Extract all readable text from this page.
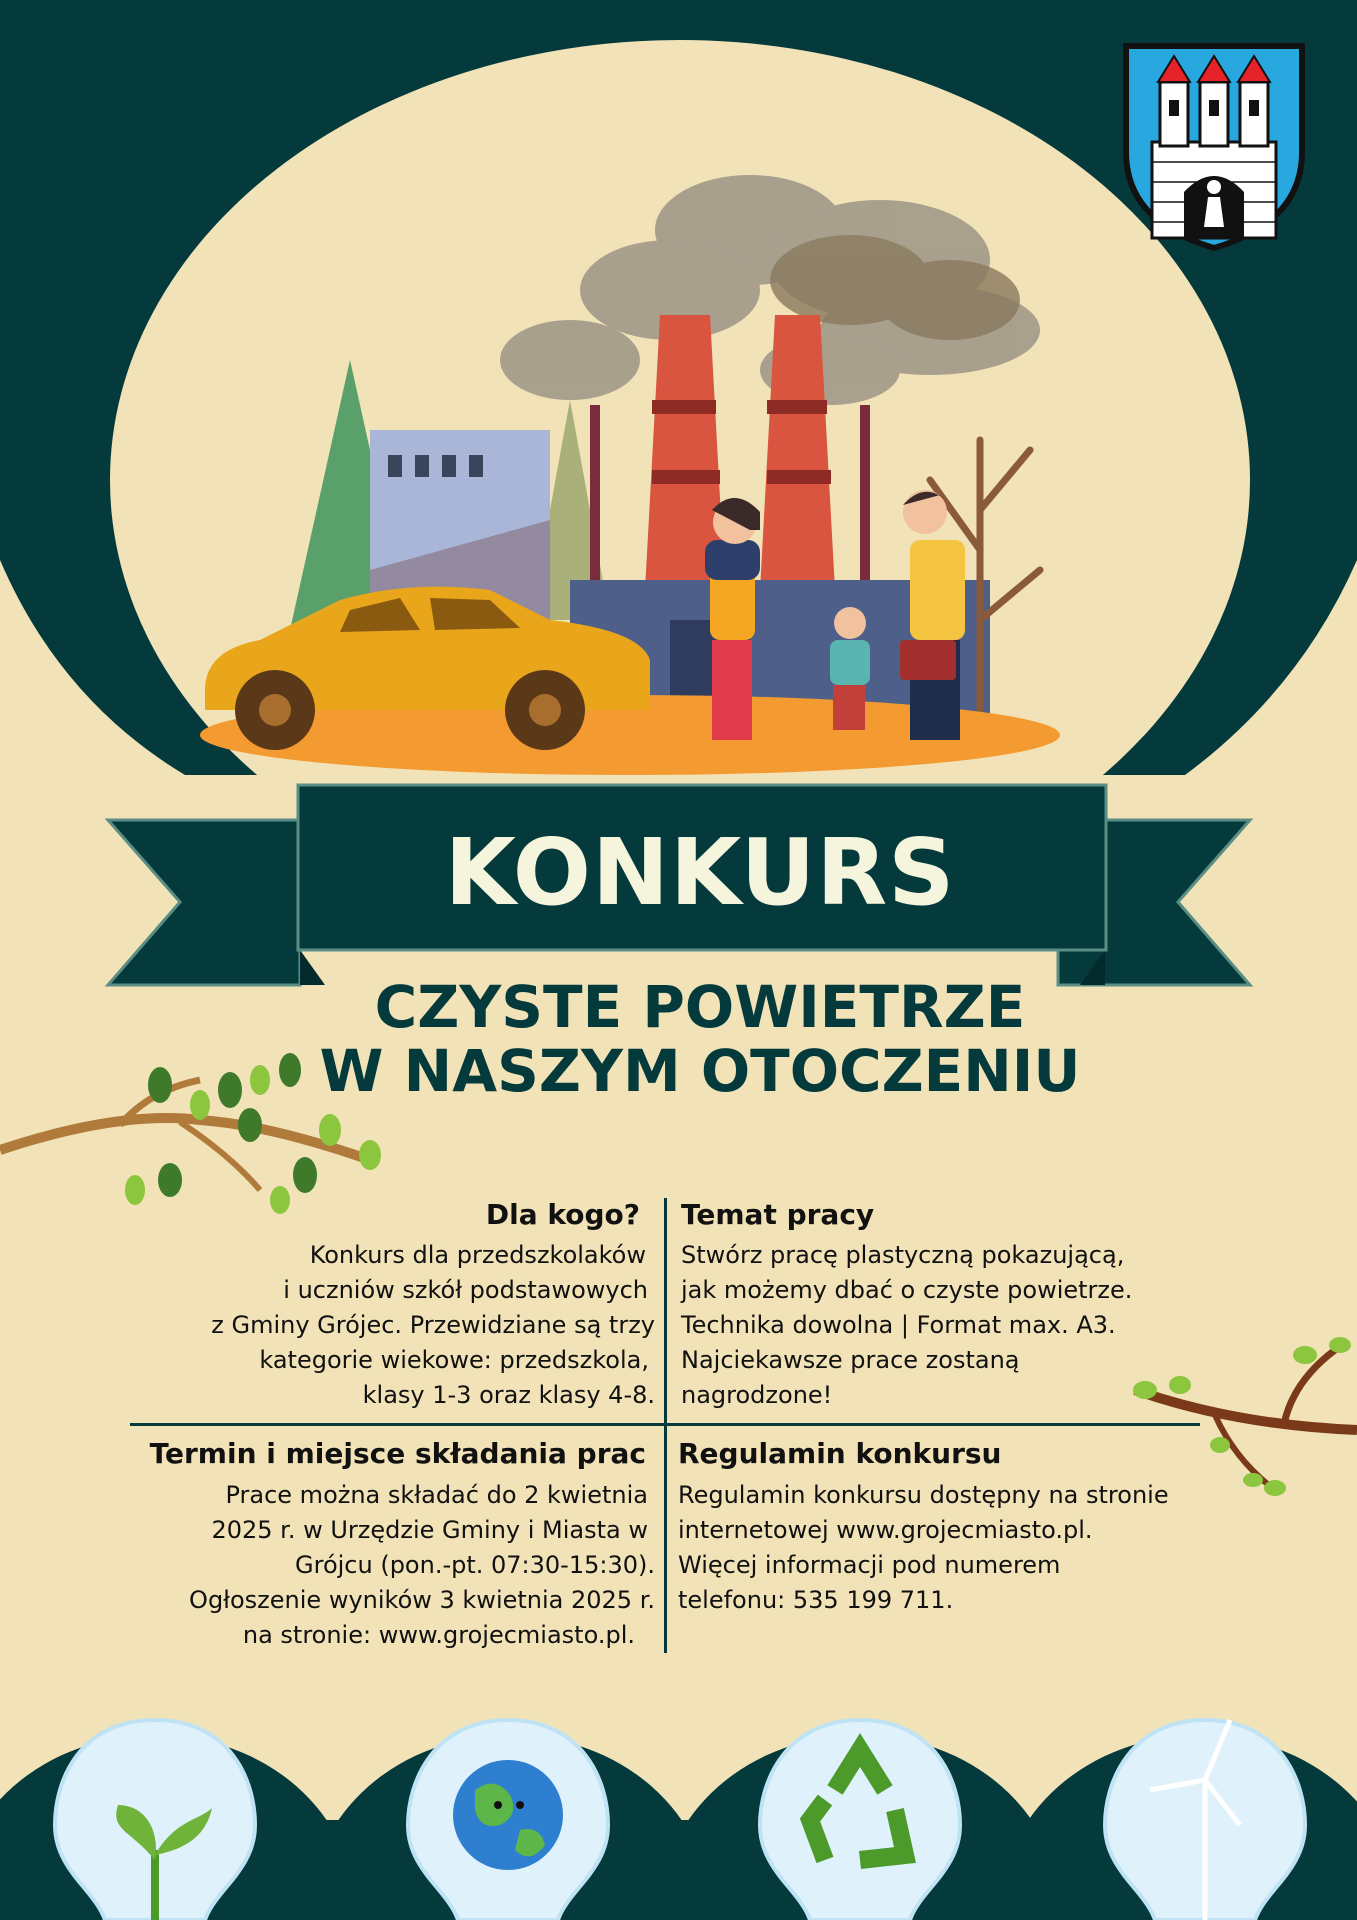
KONKURS
CZYSTE POWIETRZE
W NASZYM OTOCZENIU
Dla kogo?
Konkurs dla przedszkolaków
i uczniów szkół podstawowych
z Gminy Grójec. Przewidziane są trzy
kategorie wiekowe: przedszkola,
klasy 1-3 oraz klasy 4-8.
Temat pracy
Stwórz pracę plastyczną pokazującą,
jak możemy dbać o czyste powietrze.
Technika dowolna | Format max. A3.
Najciekawsze prace zostaną
nagrodzone!
Termin i miejsce składania prac
Prace można składać do 2 kwietnia
2025 r. w Urzędzie Gminy i Miasta w
Grójcu (pon.-pt. 07:30-15:30).
Ogłoszenie wyników 3 kwietnia 2025 r.
na stronie: www.grojecmiasto.pl.
Regulamin konkursu
Regulamin konkursu dostępny na stronie
internetowej www.grojecmiasto.pl.
Więcej informacji pod numerem
telefonu: 535 199 711.
